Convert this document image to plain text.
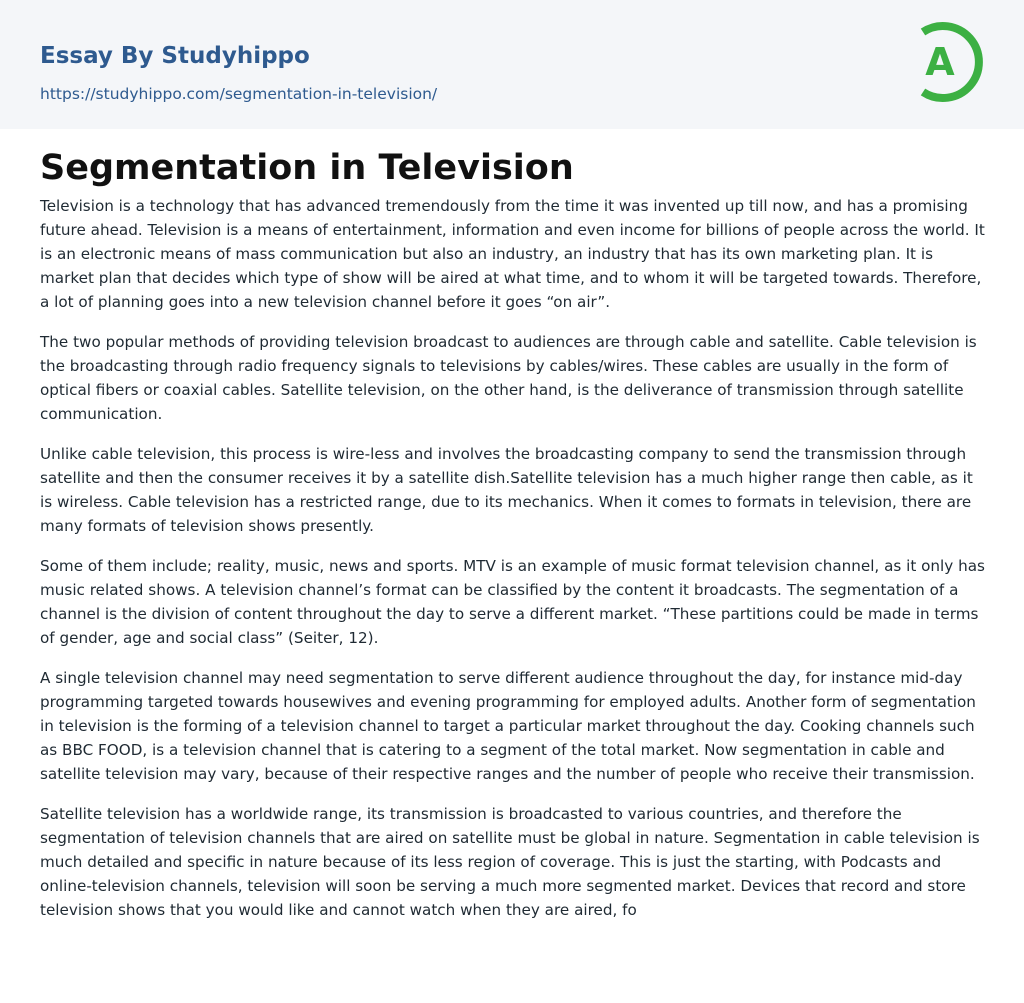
Essay By Studyhippo
https://studyhippo.com/segmentation-in-television/
A
Segmentation in Television

Television is a technology that has advanced tremendously from the time it was invented up till now, and has a promising future ahead. Television is a means of entertainment, information and even income for billions of people across the world. It is an electronic means of mass communication but also an industry, an industry that has its own marketing plan. It is market plan that decides which type of show will be aired at what time, and to whom it will be targeted towards. Therefore, a lot of planning goes into a new television channel before it goes “on air”.

The two popular methods of providing television broadcast to audiences are through cable and satellite. Cable television is the broadcasting through radio frequency signals to televisions by cables/wires. These cables are usually in the form of optical fibers or coaxial cables. Satellite television, on the other hand, is the deliverance of transmission through satellite communication.

Unlike cable television, this process is wire-less and involves the broadcasting company to send the transmission through satellite and then the consumer receives it by a satellite dish.Satellite television has a much higher range then cable, as it is wireless. Cable television has a restricted range, due to its mechanics. When it comes to formats in television, there are many formats of television shows presently.

Some of them include; reality, music, news and sports. MTV is an example of music format television channel, as it only has music related shows. A television channel’s format can be classified by the content it broadcasts. The segmentation of a channel is the division of content throughout the day to serve a different market. “These partitions could be made in terms of gender, age and social class” (Seiter, 12).

A single television channel may need segmentation to serve different audience throughout the day, for instance mid-day programming targeted towards housewives and evening programming for employed adults. Another form of segmentation in television is the forming of a television channel to target a particular market throughout the day. Cooking channels such as BBC FOOD, is a television channel that is catering to a segment of the total market. Now segmentation in cable and satellite television may vary, because of their respective ranges and the number of people who receive their transmission.

Satellite television has a worldwide range, its transmission is broadcasted to various countries, and therefore the segmentation of television channels that are aired on satellite must be global in nature. Segmentation in cable television is much detailed and specific in nature because of its less region of coverage. This is just the starting, with Podcasts and online-television channels, television will soon be serving a much more segmented market. Devices that record and store television shows that you would like and cannot watch when they are aired, fo
